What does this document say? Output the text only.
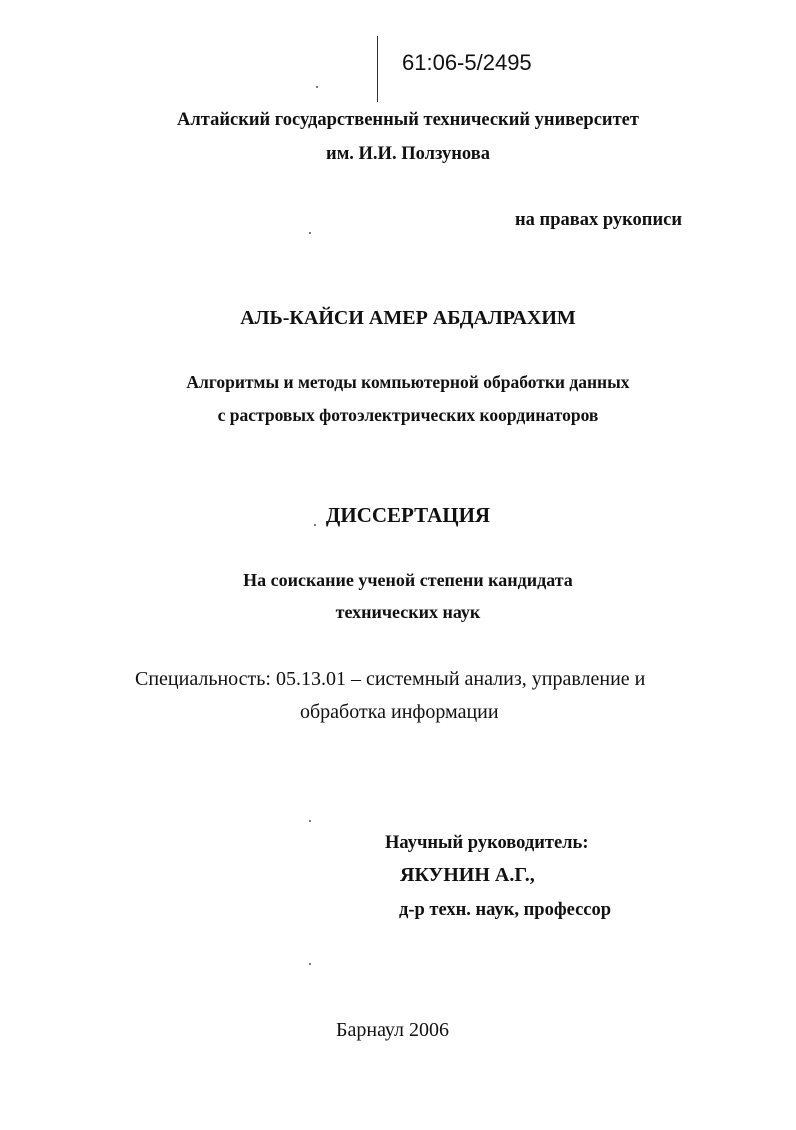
61:06-5/2495
Алтайский государственный технический университет
им. И.И. Ползунова
на правах рукописи
АЛЬ-КАЙСИ АМЕР АБДАЛРАХИМ
Алгоритмы и методы компьютерной обработки данных
с растровых фотоэлектрических координаторов
ДИССЕРТАЦИЯ
На соискание ученой степени кандидата
технических наук
Специальность: 05.13.01 – системный анализ, управление и
обработка информации
Научный руководитель:
ЯКУНИН А.Г.,
д-р техн. наук, профессор
Барнаул 2006
